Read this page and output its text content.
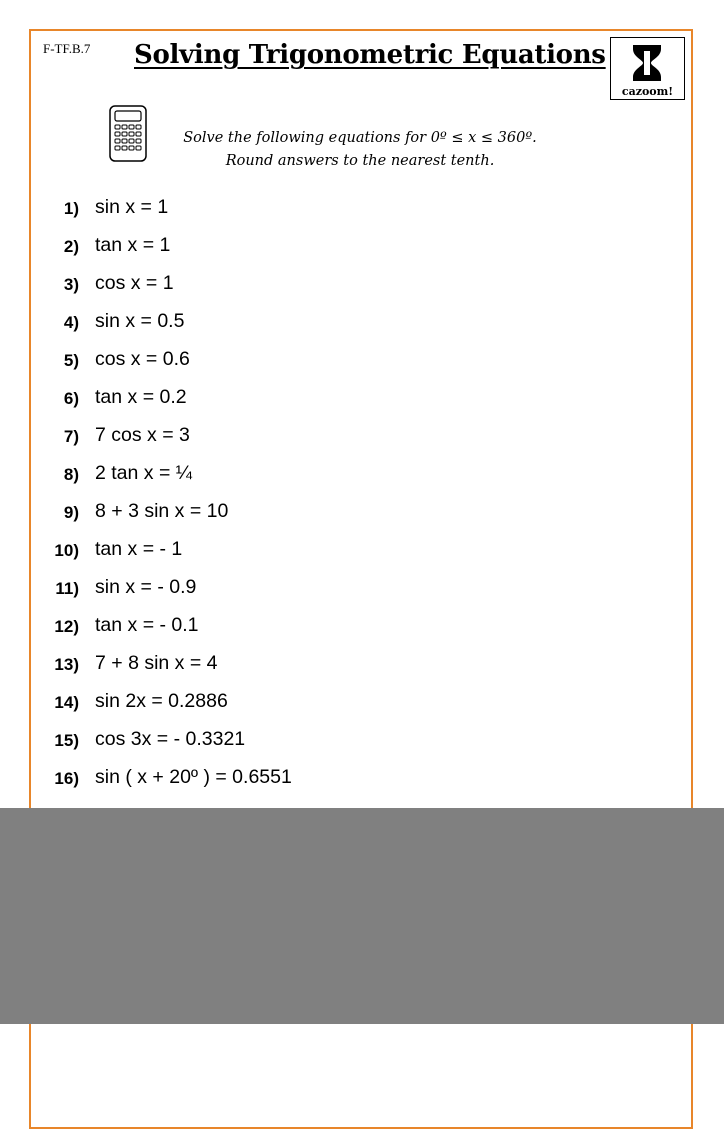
F-TF.B.7 Solving Trigonometric Equations
cazoom!
Solve the following equations for 0º ≤ x ≤ 360º.
Round answers to the nearest tenth.
1) sin x = 1
2) tan x = 1
3) cos x = 1
4) sin x = 0.5
5) cos x = 0.6
6) tan x = 0.2
7) 7 cos x = 3
8) 2 tan x = ¼
9) 8 + 3 sin x = 10
10) tan x = - 1
11) sin x = - 0.9
12) tan x = - 0.1
13) 7 + 8 sin x = 4
14) sin 2x = 0.2886
15) cos 3x = - 0.3321
16) sin ( x + 20º ) = 0.6551
